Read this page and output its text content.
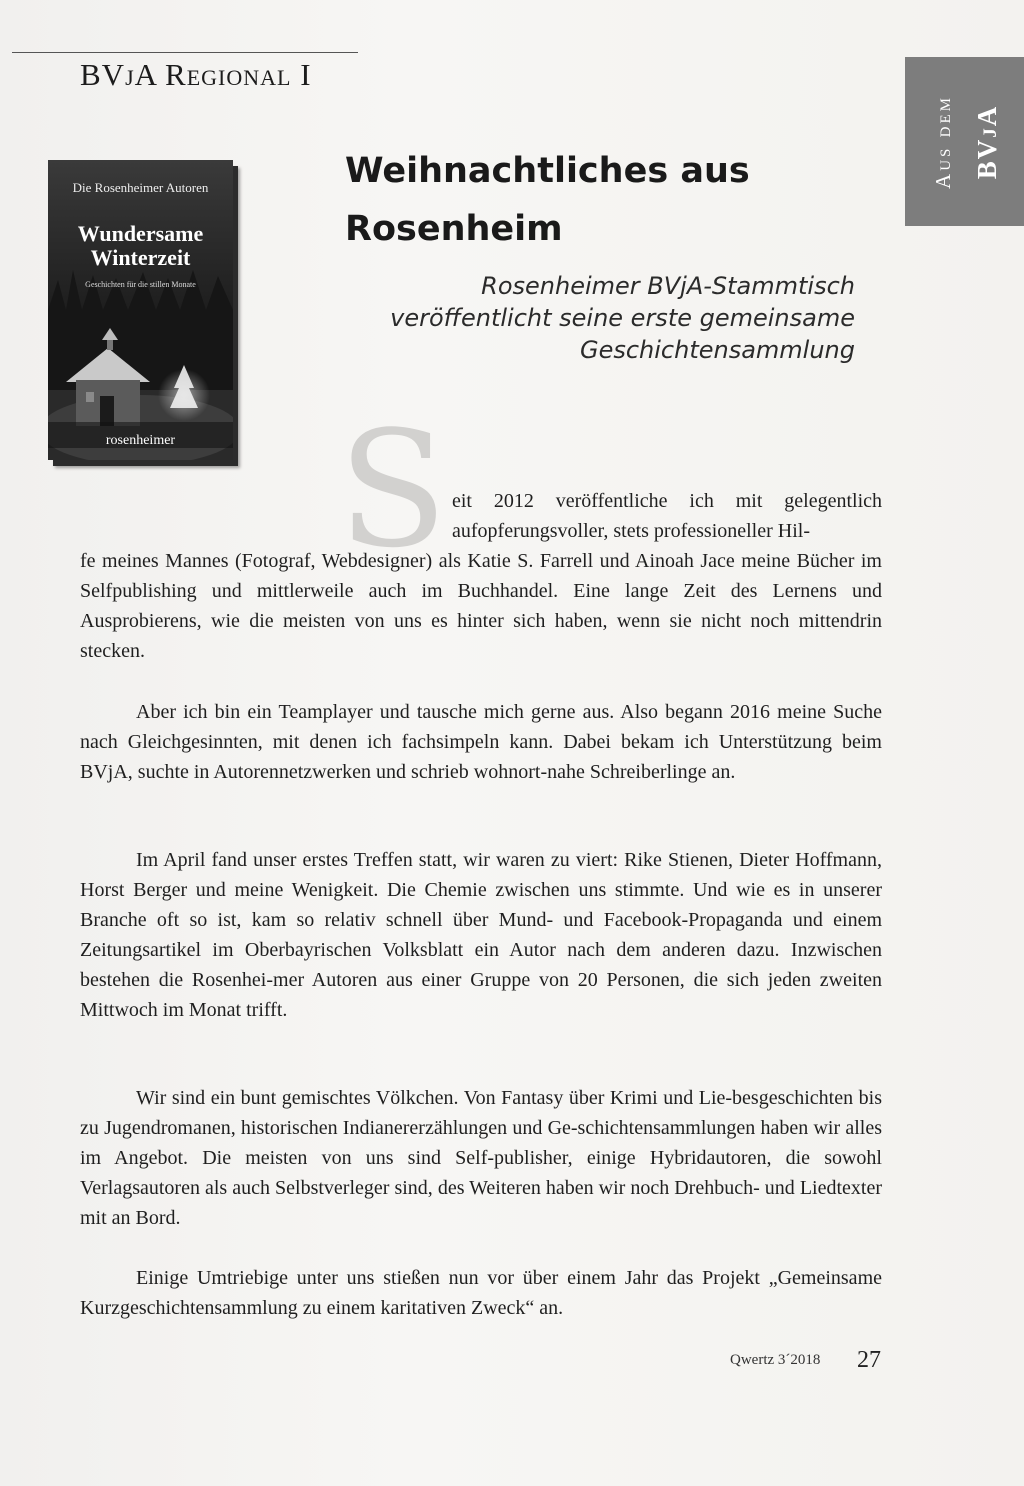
BVjA Regional I
Aus dem BVjA
Die Rosenheimer Autoren
Wundersame
Winterzeit
Geschichten für die stillen Monate
rosenheimer
Weihnachtliches aus Rosenheim
Rosenheimer BVjA-Stammtisch veröffentlicht seine erste gemeinsame Geschichtensammlung
S eit 2012 veröffentliche ich mit gelegentlich aufopferungsvoller, stets professioneller Hil-
fe meines Mannes (Fotograf, Webdesigner) als Katie S. Farrell und Ainoah Jace meine Bücher im Selfpublishing und mittlerweile auch im Buchhandel. Eine lange Zeit des Lernens und Ausprobierens, wie die meisten von uns es hinter sich haben, wenn sie nicht noch mittendrin stecken.
Aber ich bin ein Teamplayer und tausche mich gerne aus. Also begann 2016 meine Suche nach Gleichgesinnten, mit denen ich fachsimpeln kann. Dabei bekam ich Unterstützung beim BVjA, suchte in Autorennetzwerken und schrieb wohnort-nahe Schreiberlinge an.
Im April fand unser erstes Treffen statt, wir waren zu viert: Rike Stienen, Dieter Hoffmann, Horst Berger und meine Wenigkeit. Die Chemie zwischen uns stimmte. Und wie es in unserer Branche oft so ist, kam so relativ schnell über Mund- und Facebook-Propaganda und einem Zeitungsartikel im Oberbayrischen Volksblatt ein Autor nach dem anderen dazu. Inzwischen bestehen die Rosenhei-mer Autoren aus einer Gruppe von 20 Personen, die sich jeden zweiten Mittwoch im Monat trifft.
Wir sind ein bunt gemischtes Völkchen. Von Fantasy über Krimi und Lie-besgeschichten bis zu Jugendromanen, historischen Indianererzählungen und Ge-schichtensammlungen haben wir alles im Angebot. Die meisten von uns sind Self-publisher, einige Hybridautoren, die sowohl Verlagsautoren als auch Selbstverleger sind, des Weiteren haben wir noch Drehbuch- und Liedtexter mit an Bord.
Einige Umtriebige unter uns stießen nun vor über einem Jahr das Projekt „Gemeinsame Kurzgeschichtensammlung zu einem karitativen Zweck“ an.
Qwertz 3´2018 27
